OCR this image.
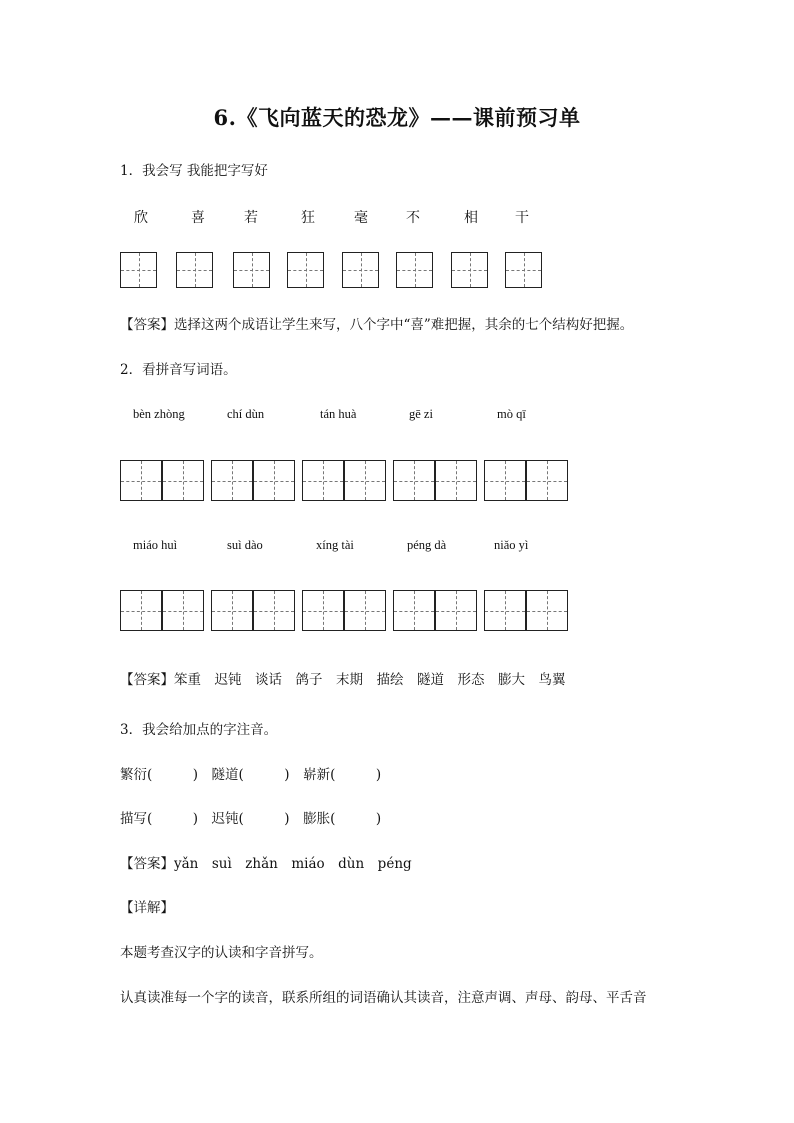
6.《飞向蓝天的恐龙》——课前预习单
1．我会写 我能把字写好
欣	喜	若	狂	毫	不	相	干
【答案】选择这两个成语让学生来写，八个字中“喜”难把握，其余的七个结构好把握。
2．看拼音写词语。
bèn zhòng	chí dùn	tán huà	gē zi	mò qī
miáo huì	suì dào	xíng tài	péng dà	niǎo yì
【答案】笨重　迟钝　谈话　鸽子　末期　描绘　隧道　形态　膨大　鸟翼
3．我会给加点的字注音。
繁衍(　　　)　隧道(　　　)　崭新(　　　)
描写(　　　)　迟钝(　　　)　膨胀(　　　)
【答案】yǎn　suì　zhǎn　miáo　dùn　péng
【详解】
本题考查汉字的认读和字音拼写。
认真读准每一个字的读音，联系所组的词语确认其读音，注意声调、声母、韵母、平舌音
